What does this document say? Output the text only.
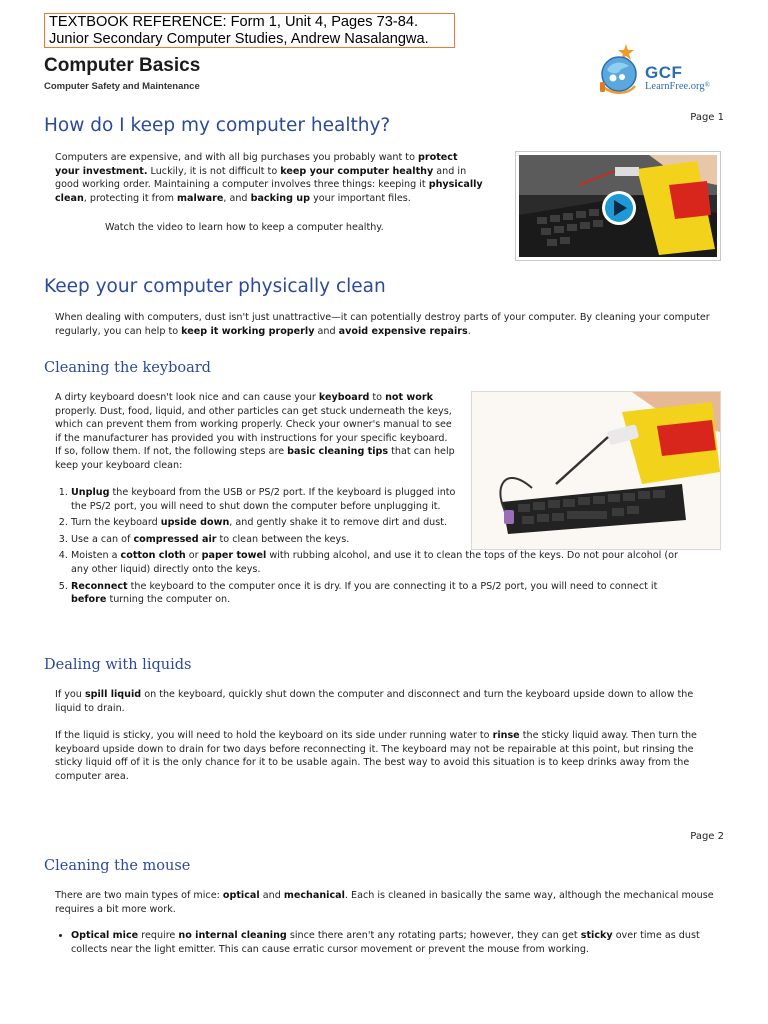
TEXTBOOK REFERENCE: Form 1, Unit 4, Pages 73-84.
Junior Secondary Computer Studies, Andrew Nasalangwa.
Computer Basics
Computer Safety and Maintenance
GCF
LearnFree.org®
Page 1
How do I keep my computer healthy?

Computers are expensive, and with all big purchases you probably want to protect your investment. Luckily, it is not difficult to keep your computer healthy and in good working order. Maintaining a computer involves three things: keeping it physically clean, protecting it from malware, and backing up your important files.

Watch the video to learn how to keep a computer healthy.

Keep your computer physically clean

When dealing with computers, dust isn't just unattractive—it can potentially destroy parts of your computer. By cleaning your computer regularly, you can help to keep it working properly and avoid expensive repairs.

Cleaning the keyboard

A dirty keyboard doesn't look nice and can cause your keyboard to not work properly. Dust, food, liquid, and other particles can get stuck underneath the keys, which can prevent them from working properly. Check your owner's manual to see if the manufacturer has provided you with instructions for your specific keyboard. If so, follow them. If not, the following steps are basic cleaning tips that can help keep your keyboard clean:

1. Unplug the keyboard from the USB or PS/2 port. If the keyboard is plugged into the PS/2 port, you will need to shut down the computer before unplugging it.
2. Turn the keyboard upside down, and gently shake it to remove dirt and dust.
3. Use a can of compressed air to clean between the keys.
4. Moisten a cotton cloth or paper towel with rubbing alcohol, and use it to clean the tops of the keys. Do not pour alcohol (or any other liquid) directly onto the keys.
5. Reconnect the keyboard to the computer once it is dry. If you are connecting it to a PS/2 port, you will need to connect it before turning the computer on.
Dealing with liquids

If you spill liquid on the keyboard, quickly shut down the computer and disconnect and turn the keyboard upside down to allow the liquid to drain.

If the liquid is sticky, you will need to hold the keyboard on its side under running water to rinse the sticky liquid away. Then turn the keyboard upside down to drain for two days before reconnecting it. The keyboard may not be repairable at this point, but rinsing the sticky liquid off of it is the only chance for it to be usable again. The best way to avoid this situation is to keep drinks away from the computer area.

Page 2
Cleaning the mouse

There are two main types of mice: optical and mechanical. Each is cleaned in basically the same way, although the mechanical mouse requires a bit more work.

• Optical mice require no internal cleaning since there aren't any rotating parts; however, they can get sticky over time as dust collects near the light emitter. This can cause erratic cursor movement or prevent the mouse from working.
